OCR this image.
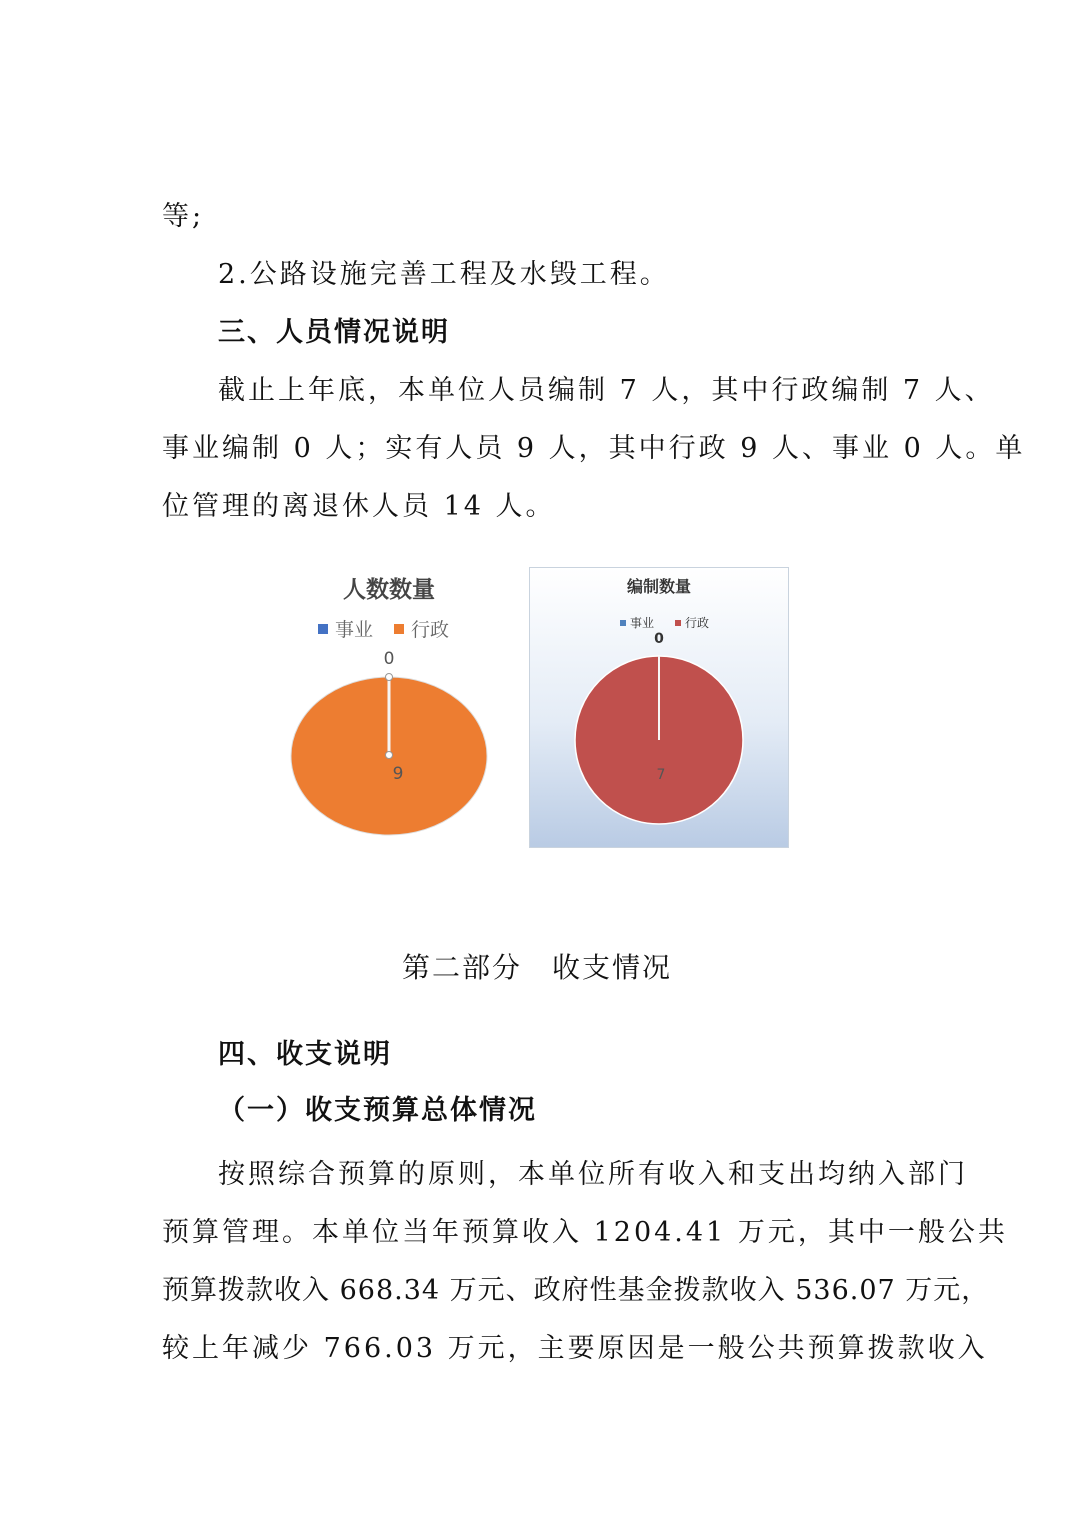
等;
2.公路设施完善工程及水毁工程。
三、人员情况说明
截止上年底，本单位人员编制 7 人，其中行政编制 7 人、
事业编制 0 人；实有人员 9 人，其中行政 9 人、事业 0 人。单
位管理的离退休人员 14 人。
人数数量
事业 行政
0
9
编制数量
事业	行政
0
7
第二部分　收支情况
四、收支说明
（一）收支预算总体情况
按照综合预算的原则，本单位所有收入和支出均纳入部门
预算管理。本单位当年预算收入 1204.41 万元，其中一般公共
预算拨款收入 668.34 万元、政府性基金拨款收入 536.07 万元，
较上年减少 766.03 万元，主要原因是一般公共预算拨款收入
